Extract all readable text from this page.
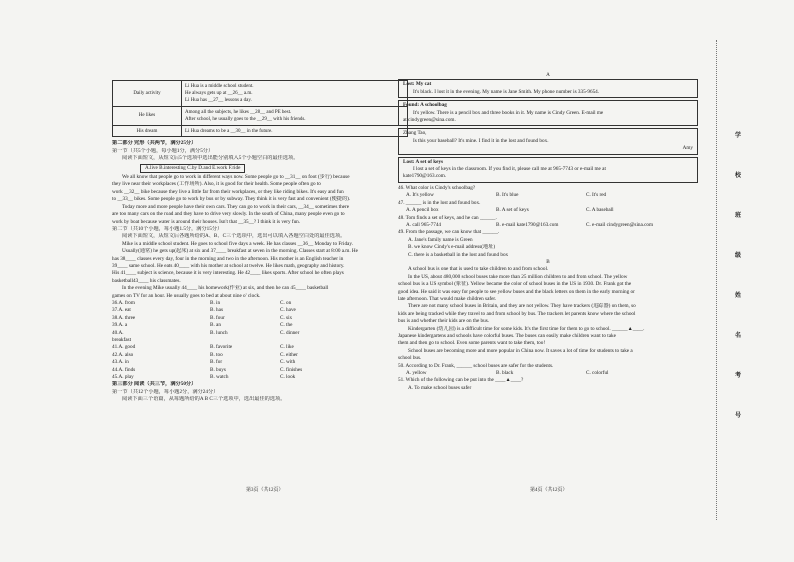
Daily activity	Li Hua is a middle school student.
He always gets up at __26__ a.m.
Li Hua has __27__ lessons a day.

He likes	Among all the subjects, he likes __28__ and PE best.
After school, he usually goes to the __29__ with his friends.

His dream	Li Hua dreams to be a __30__ in the future.
第二部分 完形（共两节，满分25分）
第一节（共5个小题，每小题1分，满分5分）
阅读下面短文，从短文后5个选项中选出能分别填入5个小题空白的最佳选项。
A.live B.interesting C.by D.and E.work F.ride
We all know that people go to work in different ways now. Some people go to __31__ on foot (步行) because
they live near their workplaces (工作场所). Also, it is good for their health. Some people often go to
work __32__ bike because they live a little far from their workplaces, or they like riding bikes. It's easy and fun
to __33__ bikes. Some people go to work by bus or by subway. They think it is very fast and convenient (便捷的).
Today more and more people have their own cars. They can go to work in their cars, __34__ sometimes there
are too many cars on the road and they have to drive very slowly. In the south of China, many people even go to
work by boat because water is around their houses. Isn't that __35__? I think it is very fun.
第二节（共10个小题，每小题1.5分，满分15分）
阅读下面短文，从短文后各题所给的A、B、C三个选项中，选出可以填入各题空白处的最佳选项。
Mike is a middle school student. He goes to school five days a week. He has classes __36__ Monday to Friday.
Usually(通常) he gets up(起床) at six and 37____ breakfast at seven in the morning. Classes start at 8:00 a.m. He
has 38____ classes every day, four in the morning and two in the afternoon. His mother is an English teacher in
39____ same school. He eats 40____ with his mother at school at twelve. He likes math, geography and history.
His 41____ subject is science, because it is very interesting. He 42____ likes sports. After school he often plays
basketball43____ his classmates.
In the evening Mike usually 44____ his homework(作业) at six, and then he can 45____ basketball
games on TV for an hour. He usually goes to bed at about nine o' clock.
36.A. from	B. in	C. on
37.A. eat	B. has	C. have
38.A. three	B. four	C. six
39.A. a	B. an	C. the
40.A. breakfast
B. lunch	C. dinner
41.A. good	B. favorite	C. like
42.A. also	B. too	C. either
43.A. in	B. for	C. with
44.A. finds	B. buys	C. finishes
45.A. play	B. watch	C. look
第三部分 阅读（共三节，满分50分）
第一节（共12个小题，每小题2分，满分24分）
阅读下面三个语篇，从每题所给的A B C三个选项中，选出最佳的选项。
第3页（共12页）
A
Lost: My cat
It's black. I lost it in the evening. My name is Jane Smith. My phone number is 335-9654.
Found: A schoolbag
It's yellow. There is a pencil box and three books in it. My name is Cindy Green. E-mail me
at cindygreen@sina.com.
Zhang Tao,
Is this your baseball? It's mine. I find it in the lost and found box.
Amy
Lost: A set of keys
I lost a set of keys in the classroom. If you find it, please call me at 965-7743 or e-mail me at
kate1790@163.com.
46. What color is Cindy's schoolbag?
A. It's yellow	B. It's blue	C. It's red
47. ______ is in the lost and found box.
A. A pencil box	B. A set of keys	C. A baseball
48. Tom finds a set of keys, and he can ______.
A. call 965-7744	B. e-mail kate1790@163.com	C. e-mail cindygreen@sina.com
49. From the passage, we can know that ______.
A. Jane's family name is Green
B. we know Cindy's e-mail address(地址)
C. there is a basketball in the lost and found box
B
A school bus is one that is used to take children to and from school.
In the US, about 480,000 school buses take more than 25 million children to and from school. The yellow
school bus is a US symbol (象征). Yellow became the color of school buses in the US in 1930. Dr. Frank got the
good idea. He said it was easy for people to see yellow buses and the black letters on them in the early morning or
late afternoon. That would make children safer.
There are not many school buses in Britain, and they are not yellow. They have trackers (追踪器) on them, so
kids are being tracked while they travel to and from school by bus. The trackers let parents know where the school
bus is and whether their kids are on the bus.
Kindergarten (幼儿园) is a difficult time for some kids. It's the first time for them to go to school. ______▲____.
Japanese kindergartens and schools have colorful buses. The buses can easily make children want to take
them and then go to school. Even some parents want to take them, too!
School buses are becoming more and more popular in China now. It saves a lot of time for students to take a
school bus.
50. According to Dr. Frank, ______ school buses are safer for the students.
A. yellow	B. black	C. colorful
51. Which of the following can be put into the ____▲____?
A. To make school buses safer
第4页（共12页）
学
校
班
级
姓
名
考
号
